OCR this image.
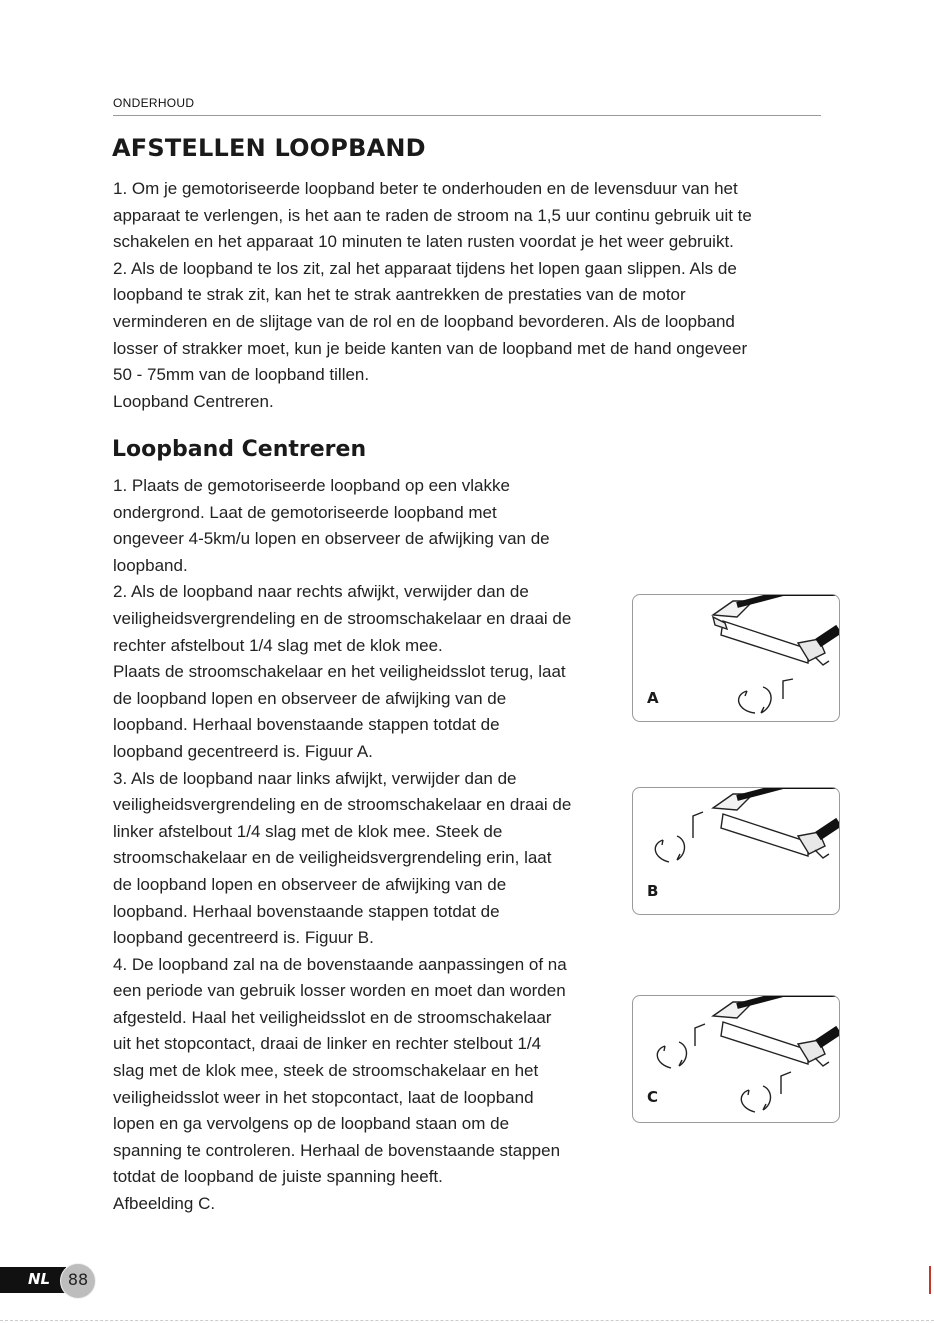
ONDERHOUD
AFSTELLEN LOOPBAND

1. Om je gemotoriseerde loopband beter te onderhouden en de levensduur van het

apparaat te verlengen, is het aan te raden de stroom na 1,5 uur continu gebruik uit te

schakelen en het apparaat 10 minuten te laten rusten voordat je het weer gebruikt.

2. Als de loopband te los zit, zal het apparaat tijdens het lopen gaan slippen. Als de

loopband te strak zit, kan het te strak aantrekken de prestaties van de motor

verminderen en de slijtage van de rol en de loopband bevorderen. Als de loopband

losser of strakker moet, kun je beide kanten van de loopband met de hand ongeveer

50 - 75mm van de loopband tillen.

Loopband Centreren.

Loopband Centreren

1. Plaats de gemotoriseerde loopband op een vlakke

ondergrond. Laat de gemotoriseerde loopband met

ongeveer 4-5km/u lopen en observeer de afwijking van de

loopband.

2. Als de loopband naar rechts afwijkt, verwijder dan de

veiligheidsvergrendeling en de stroomschakelaar en draai de

rechter afstelbout 1/4 slag met de klok mee.

Plaats de stroomschakelaar en het veiligheidsslot terug, laat

de loopband lopen en observeer de afwijking van de

loopband. Herhaal bovenstaande stappen totdat de

loopband gecentreerd is. Figuur A.

3. Als de loopband naar links afwijkt, verwijder dan de

veiligheidsvergrendeling en de stroomschakelaar en draai de

linker afstelbout 1/4 slag met de klok mee. Steek de

stroomschakelaar en de veiligheidsvergrendeling erin, laat

de loopband lopen en observeer de afwijking van de

loopband. Herhaal bovenstaande stappen totdat de

loopband gecentreerd is. Figuur B.

4. De loopband zal na de bovenstaande aanpassingen of na

een periode van gebruik losser worden en moet dan worden

afgesteld. Haal het veiligheidsslot en de stroomschakelaar

uit het stopcontact, draai de linker en rechter stelbout 1/4

slag met de klok mee, steek de stroomschakelaar en het

veiligheidsslot weer in het stopcontact, laat de loopband

lopen en ga vervolgens op de loopband staan om de

spanning te controleren. Herhaal de bovenstaande stappen

totdat de loopband de juiste spanning heeft.

Afbeelding C.

A
B
C
NL	88
